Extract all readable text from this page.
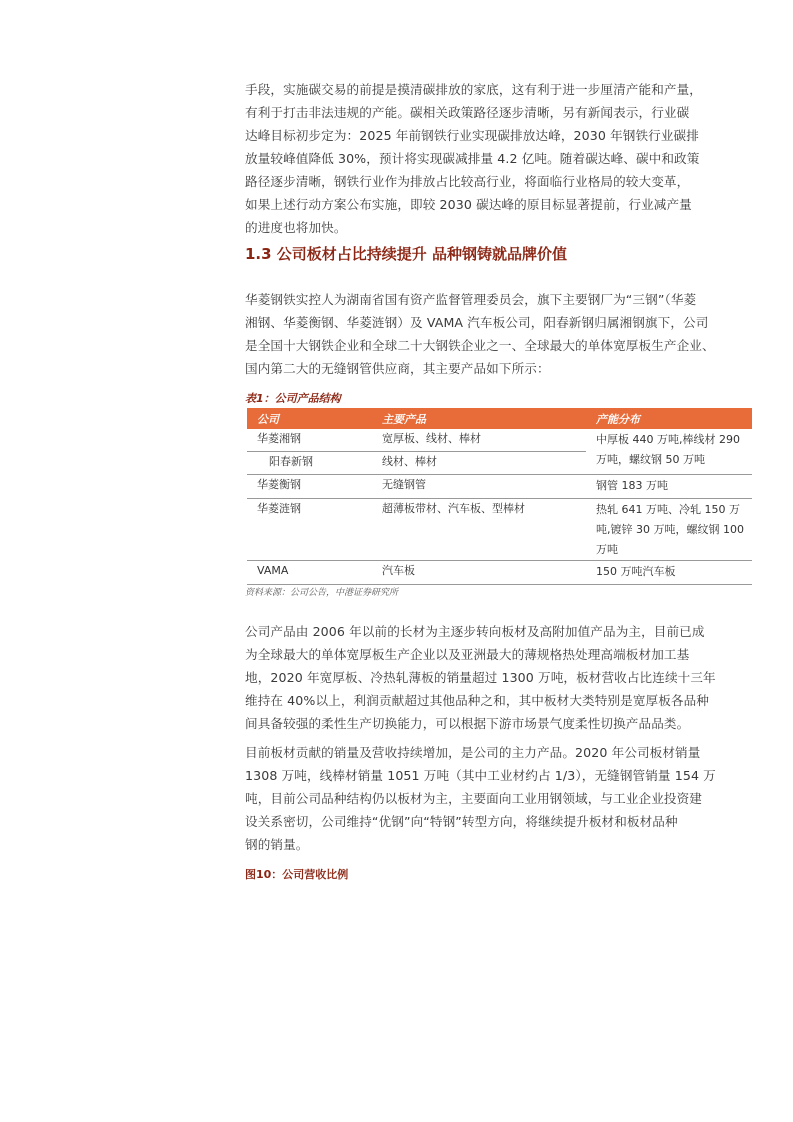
手段，实施碳交易的前提是摸清碳排放的家底，这有利于进一步厘清产能和产量，
有利于打击非法违规的产能。碳相关政策路径逐步清晰，另有新闻表示，行业碳
达峰目标初步定为：2025 年前钢铁行业实现碳排放达峰，2030 年钢铁行业碳排
放量较峰值降低 30%，预计将实现碳减排量 4.2 亿吨。随着碳达峰、碳中和政策
路径逐步清晰，钢铁行业作为排放占比较高行业，将面临行业格局的较大变革，
如果上述行动方案公布实施，即较 2030 碳达峰的原目标显著提前，行业减产量
的进度也将加快。
1.3 公司板材占比持续提升 品种钢铸就品牌价值
华菱钢铁实控人为湖南省国有资产监督管理委员会，旗下主要钢厂为“三钢”（华菱
湘钢、华菱衡钢、华菱涟钢）及 VAMA 汽车板公司，阳春新钢归属湘钢旗下，公司
是全国十大钢铁企业和全球二十大钢铁企业之一、全球最大的单体宽厚板生产企业、
国内第二大的无缝钢管供应商，其主要产品如下所示：

表1：公司产品结构

公司	主要产品	产能分布
华菱湘钢	宽厚板、线材、棒材	中厚板 440 万吨,棒线材 290
万吨，螺纹钢 50 万吨

阳春新钢	线材、棒材	
华菱衡钢	无缝钢管	钢管 183 万吨
华菱涟钢	超薄板带材、汽车板、型棒材	热轧 641 万吨、冷轧 150 万
吨,镀锌 30 万吨，螺纹钢 100
万吨

VAMA	汽车板	150 万吨汽车板

资料来源：公司公告，中港证券研究所

公司产品由 2006 年以前的长材为主逐步转向板材及高附加值产品为主，目前已成
为全球最大的单体宽厚板生产企业以及亚洲最大的薄规格热处理高端板材加工基
地，2020 年宽厚板、冷热轧薄板的销量超过 1300 万吨，板材营收占比连续十三年
维持在 40%以上，利润贡献超过其他品种之和，其中板材大类特别是宽厚板各品种
间具备较强的柔性生产切换能力，可以根据下游市场景气度柔性切换产品品类。
目前板材贡献的销量及营收持续增加，是公司的主力产品。2020 年公司板材销量
1308 万吨，线棒材销量 1051 万吨（其中工业材约占 1/3），无缝钢管销量 154 万
吨，目前公司品种结构仍以板材为主，主要面向工业用钢领域，与工业企业投资建
设关系密切，公司维持“优钢”向“特钢”转型方向，将继续提升板材和板材品种
钢的销量。

图10：公司营收比例
